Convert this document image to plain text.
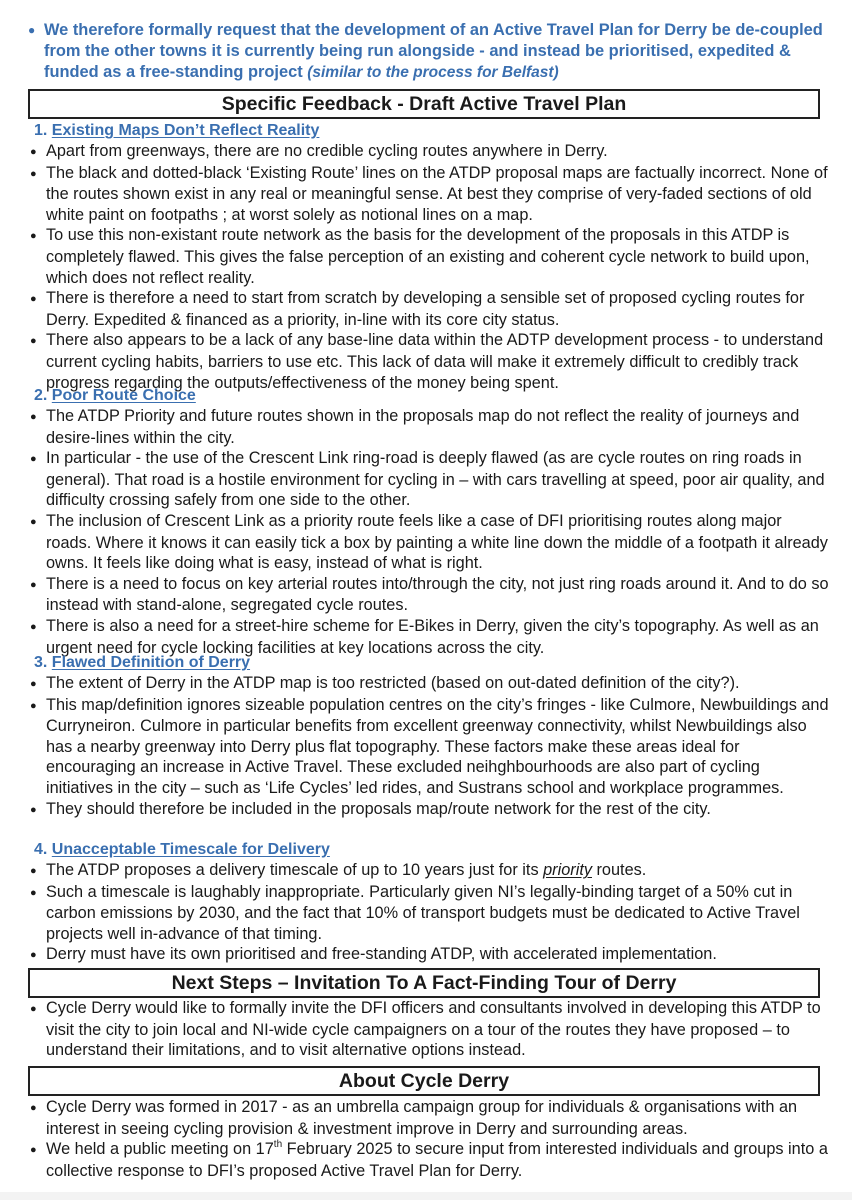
● We therefore formally request that the development of an Active Travel Plan for Derry be de-coupled from the other towns it is currently being run alongside - and instead be prioritised, expedited & funded as a free-standing project (similar to the process for Belfast)
Specific Feedback - Draft Active Travel Plan
1. Existing Maps Don’t Reflect Reality
● Apart from greenways, there are no credible cycling routes anywhere in Derry.
● The black and dotted-black ‘Existing Route’ lines on the ATDP proposal maps are factually incorrect. None of the routes shown exist in any real or meaningful sense. At best they comprise of very-faded sections of old white paint on footpaths ; at worst solely as notional lines on a map.
● To use this non-existant route network as the basis for the development of the proposals in this ATDP is completely flawed. This gives the false perception of an existing and coherent cycle network to build upon, which does not reflect reality.
● There is therefore a need to start from scratch by developing a sensible set of proposed cycling routes for Derry. Expedited & financed as a priority, in-line with its core city status.
● There also appears to be a lack of any base-line data within the ADTP development process - to understand current cycling habits, barriers to use etc. This lack of data will make it extremely difficult to credibly track progress regarding the outputs/effectiveness of the money being spent.
2. Poor Route Choice
● The ATDP Priority and future routes shown in the proposals map do not reflect the reality of journeys and desire-lines within the city.
● In particular - the use of the Crescent Link ring-road is deeply flawed (as are cycle routes on ring roads in general). That road is a hostile environment for cycling in – with cars travelling at speed, poor air quality, and difficulty crossing safely from one side to the other.
● The inclusion of Crescent Link as a priority route feels like a case of DFI prioritising routes along major roads. Where it knows it can easily tick a box by painting a white line down the middle of a footpath it already owns. It feels like doing what is easy, instead of what is right.
● There is a need to focus on key arterial routes into/through the city, not just ring roads around it. And to do so instead with stand-alone, segregated cycle routes.
● There is also a need for a street-hire scheme for E-Bikes in Derry, given the city’s topography. As well as an urgent need for cycle locking facilities at key locations across the city.
3. Flawed Definition of Derry
● The extent of Derry in the ATDP map is too restricted (based on out-dated definition of the city?).
● This map/definition ignores sizeable population centres on the city’s fringes - like Culmore, Newbuildings and Curryneiron. Culmore in particular benefits from excellent greenway connectivity, whilst Newbuildings also has a nearby greenway into Derry plus flat topography. These factors make these areas ideal for encouraging an increase in Active Travel. These excluded neihghbourhoods are also part of cycling initiatives in the city – such as ‘Life Cycles’ led rides, and Sustrans school and workplace programmes.
● They should therefore be included in the proposals map/route network for the rest of the city.
4. Unacceptable Timescale for Delivery
● The ATDP proposes a delivery timescale of up to 10 years just for its priority routes.
● Such a timescale is laughably inappropriate. Particularly given NI’s legally-binding target of a 50% cut in carbon emissions by 2030, and the fact that 10% of transport budgets must be dedicated to Active Travel projects well in-advance of that timing.
● Derry must have its own prioritised and free-standing ATDP, with accelerated implementation.
Next Steps – Invitation To A Fact-Finding Tour of Derry
● Cycle Derry would like to formally invite the DFI officers and consultants involved in developing this ATDP to visit the city to join local and NI-wide cycle campaigners on a tour of the routes they have proposed – to understand their limitations, and to visit alternative options instead.
About Cycle Derry
● Cycle Derry was formed in 2017 - as an umbrella campaign group for individuals & organisations with an interest in seeing cycling provision & investment improve in Derry and surrounding areas.
● We held a public meeting on 17th February 2025 to secure input from interested individuals and groups into a collective response to DFI’s proposed Active Travel Plan for Derry.
